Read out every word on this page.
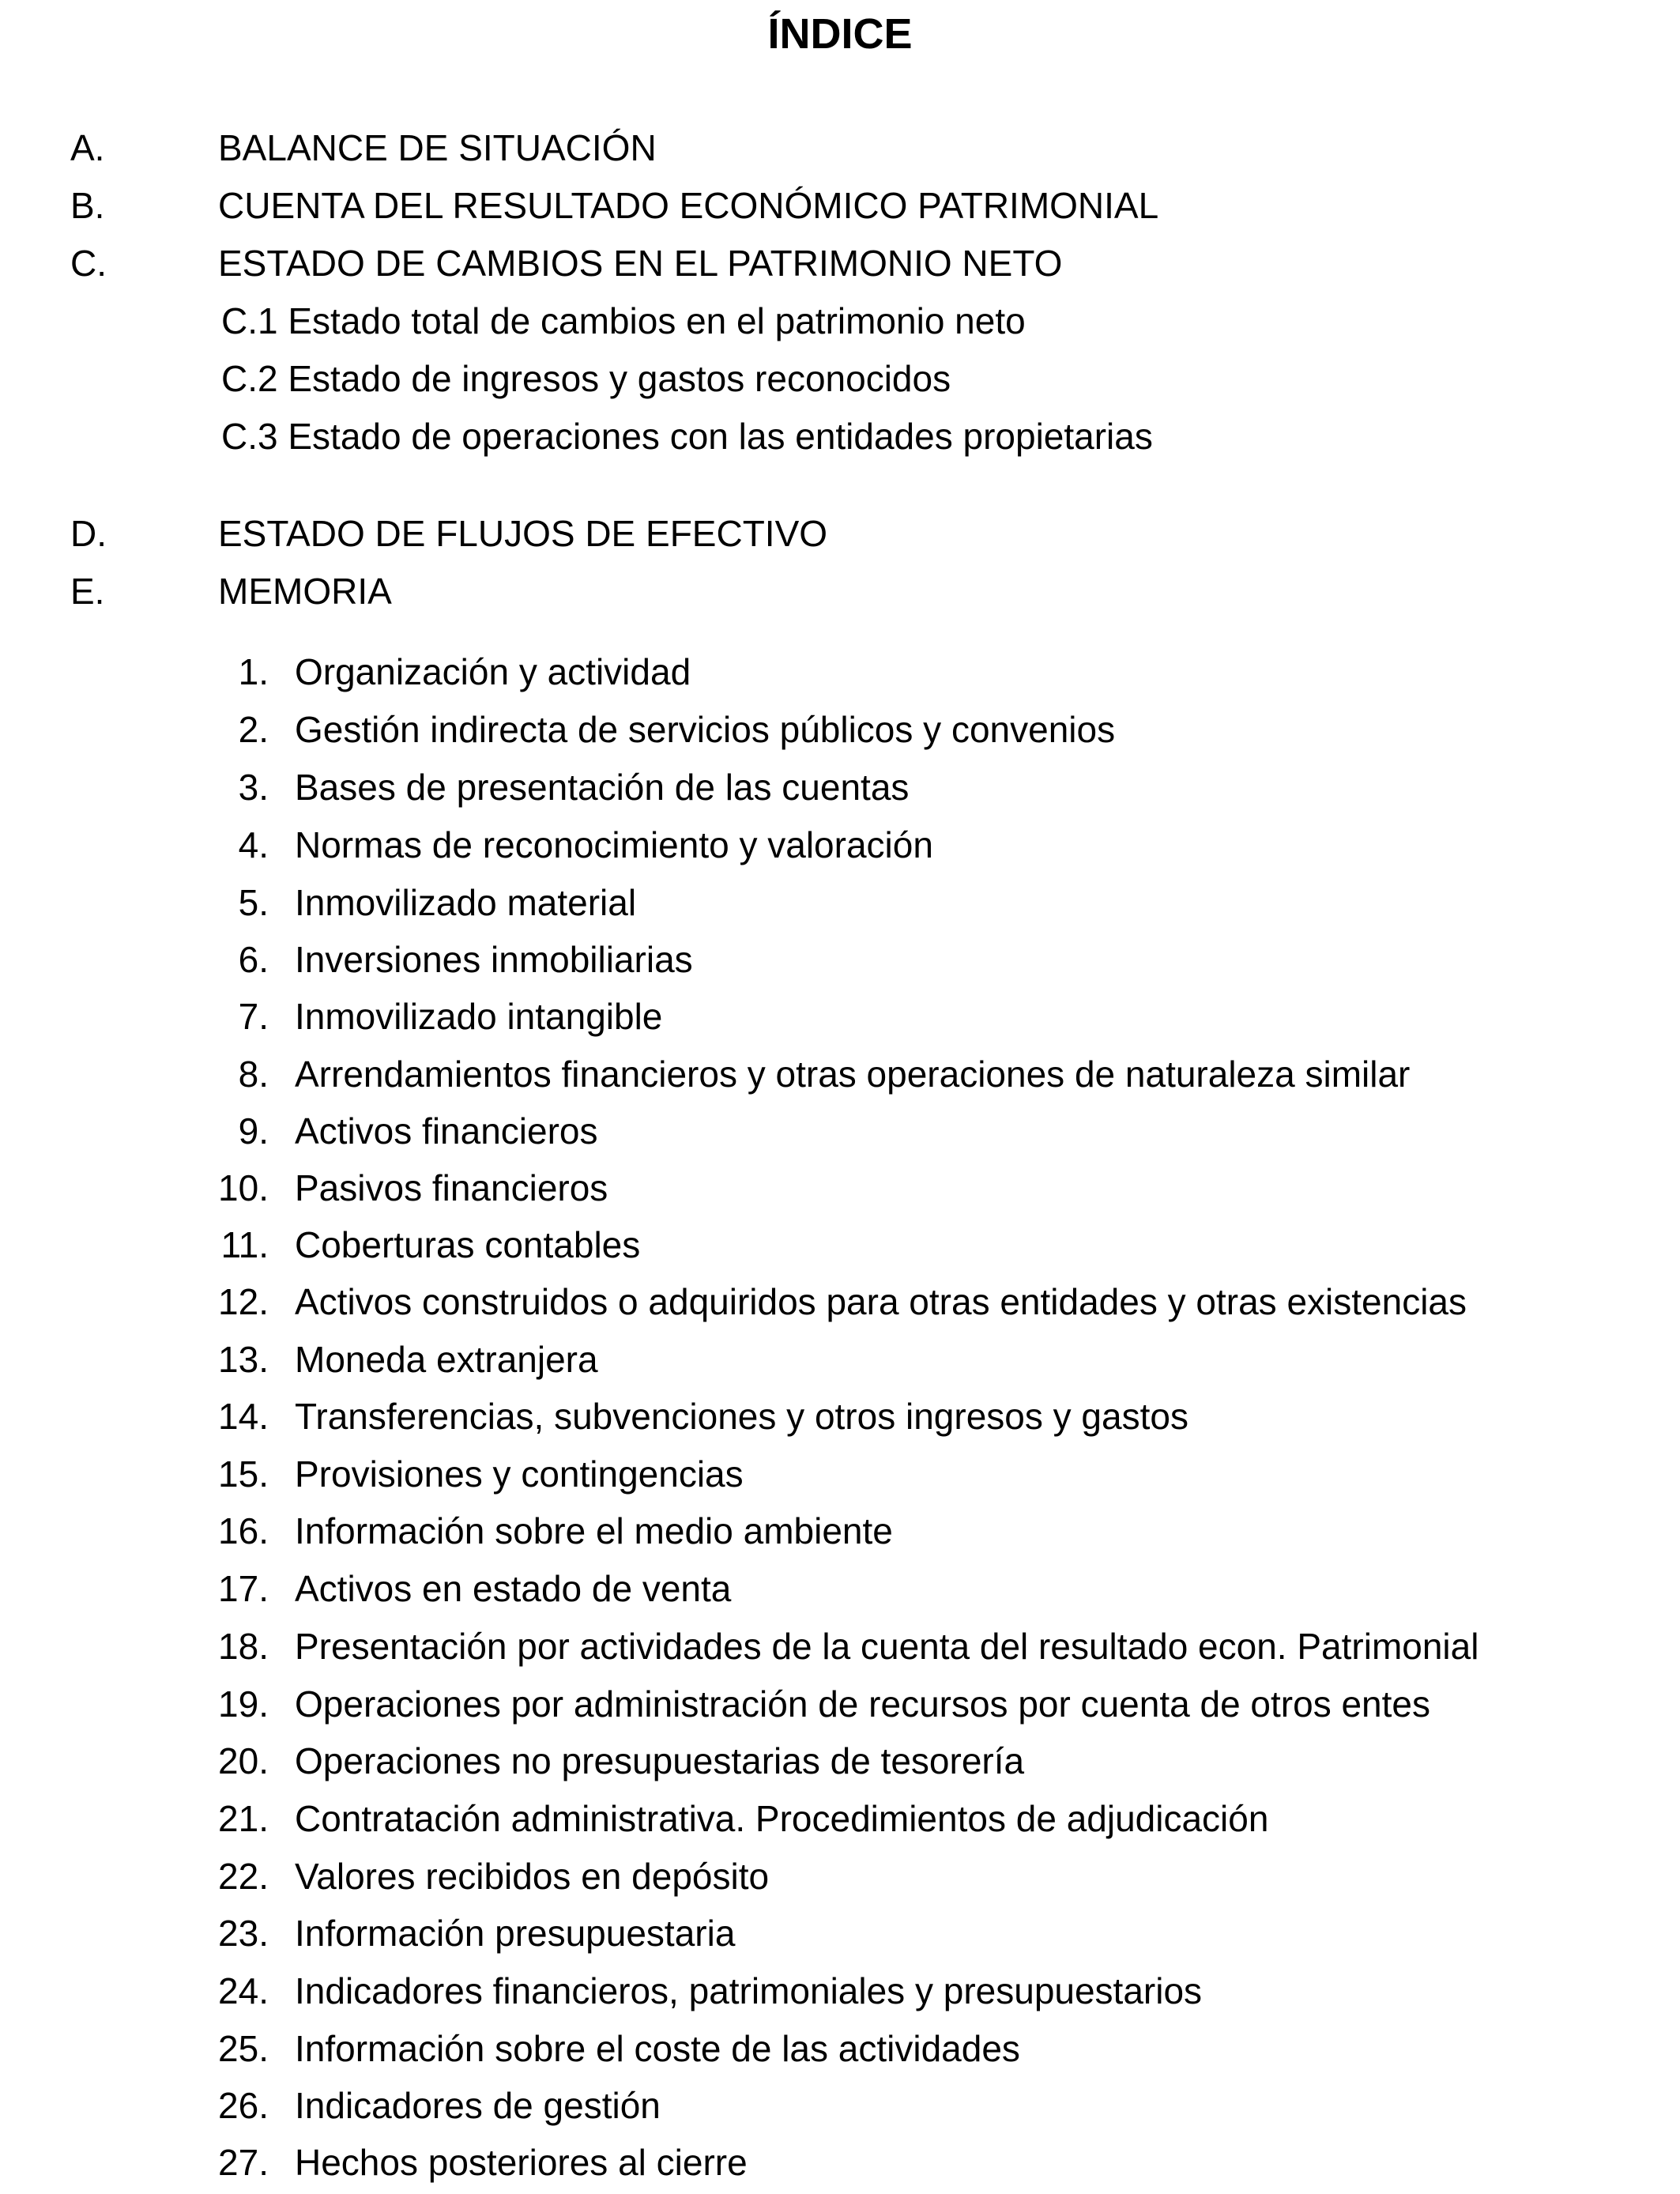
ÍNDICE
A.	BALANCE DE SITUACIÓN
B.	CUENTA DEL RESULTADO ECONÓMICO PATRIMONIAL
C.	ESTADO DE CAMBIOS EN EL PATRIMONIO NETO
C.1 Estado total de cambios en el patrimonio neto
C.2 Estado de ingresos y gastos reconocidos
C.3 Estado de operaciones con las entidades propietarias
D.	ESTADO DE FLUJOS DE EFECTIVO
E.	MEMORIA
1. Organización y actividad
2. Gestión indirecta de servicios públicos y convenios
3. Bases de presentación de las cuentas
4. Normas de reconocimiento y valoración
5. Inmovilizado material
6. Inversiones inmobiliarias
7. Inmovilizado intangible
8. Arrendamientos financieros y otras operaciones de naturaleza similar
9. Activos financieros
10. Pasivos financieros
11. Coberturas contables
12. Activos construidos o adquiridos para otras entidades y otras existencias
13. Moneda extranjera
14. Transferencias, subvenciones y otros ingresos y gastos
15. Provisiones y contingencias
16. Información sobre el medio ambiente
17. Activos en estado de venta
18. Presentación por actividades de la cuenta del resultado econ. Patrimonial
19. Operaciones por administración de recursos por cuenta de otros entes
20. Operaciones no presupuestarias de tesorería
21. Contratación administrativa. Procedimientos de adjudicación
22. Valores recibidos en depósito
23. Información presupuestaria
24. Indicadores financieros, patrimoniales y presupuestarios
25. Información sobre el coste de las actividades
26. Indicadores de gestión
27. Hechos posteriores al cierre
